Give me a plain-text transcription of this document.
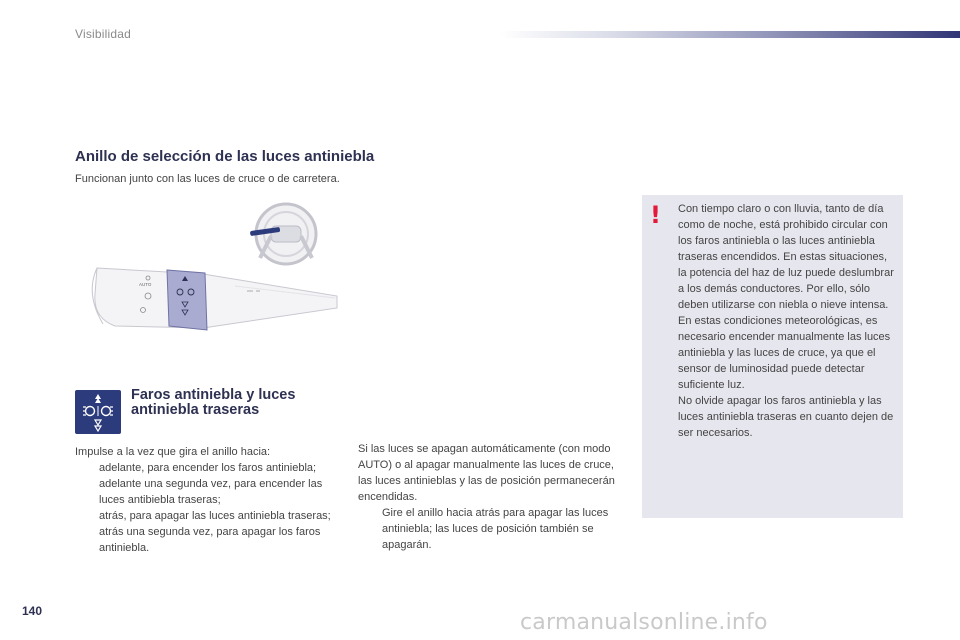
Visibilidad
Anillo de selección de las luces antiniebla
Funcionan junto con las luces de cruce o de carretera.
AUTO
Faros antiniebla y luces antiniebla traseras

Impulse a la vez que gira el anillo hacia:

adelante, para encender los faros antiniebla;
adelante una segunda vez, para encender las luces antibiebla traseras;
atrás, para apagar las luces antiniebla traseras;
atrás una segunda vez, para apagar los faros antiniebla.

Si las luces se apagan automáticamente (con modo AUTO) o al apagar manualmente las luces de cruce, las luces antinieblas y las de posición permanecerán encendidas.

Gire el anillo hacia atrás para apagar las luces antiniebla; las luces de posición también se apagarán.
! Con tiempo claro o con lluvia, tanto de día como de noche, está prohibido circular con los faros antiniebla o las luces antiniebla traseras encendidos. En estas situaciones, la potencia del haz de luz puede deslumbrar a los demás conductores. Por ello, sólo deben utilizarse con niebla o nieve intensa.

En estas condiciones meteorológicas, es necesario encender manualmente las luces antiniebla y las luces de cruce, ya que el sensor de luminosidad puede detectar suficiente luz.

No olvide apagar los faros antiniebla y las luces antiniebla traseras en cuanto dejen de ser necesarios.

140	carmanualsonline.info
